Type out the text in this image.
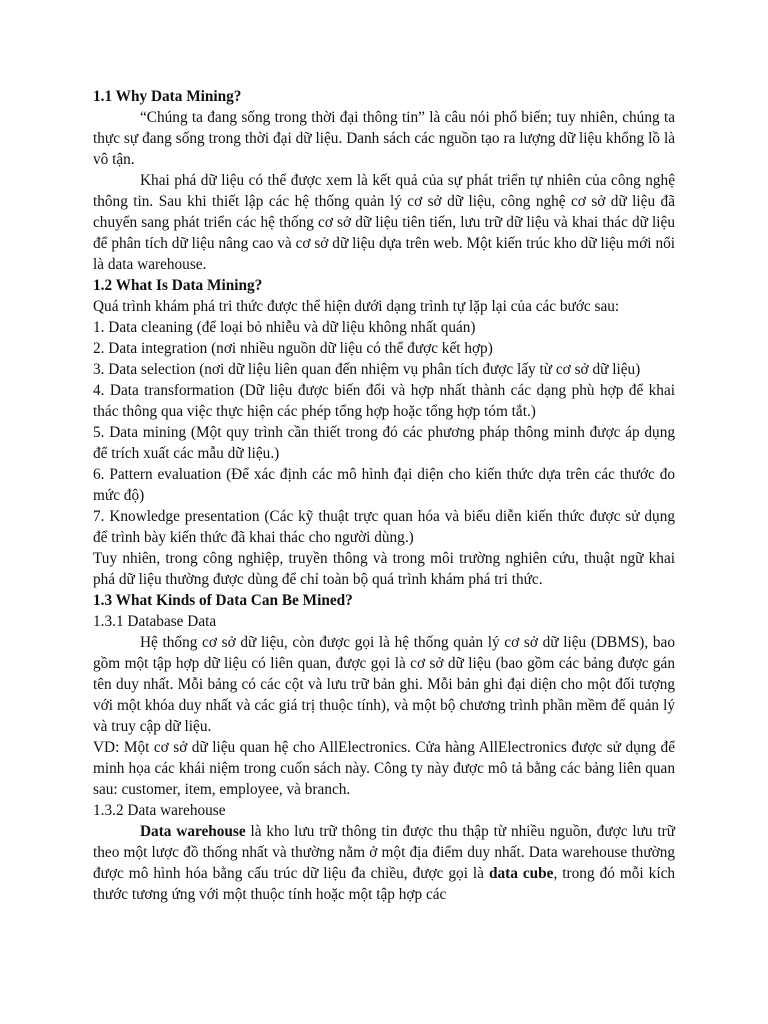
1.1 Why Data Mining?

“Chúng ta đang sống trong thời đại thông tin” là câu nói phổ biến; tuy nhiên, chúng ta thực sự đang sống trong thời đại dữ liệu. Danh sách các nguồn tạo ra lượng dữ liệu khổng lồ là vô tận.

Khai phá dữ liệu có thể được xem là kết quả của sự phát triển tự nhiên của công nghệ thông tin. Sau khi thiết lập các hệ thống quản lý cơ sở dữ liệu, công nghệ cơ sở dữ liệu đã chuyển sang phát triển các hệ thống cơ sở dữ liệu tiên tiến, lưu trữ dữ liệu và khai thác dữ liệu để phân tích dữ liệu nâng cao và cơ sở dữ liệu dựa trên web. Một kiến trúc kho dữ liệu mới nổi là data warehouse.

1.2 What Is Data Mining?

Quá trình khám phá tri thức được thể hiện dưới dạng trình tự lặp lại của các bước sau:

1. Data cleaning (để loại bỏ nhiễu và dữ liệu không nhất quán)
2. Data integration (nơi nhiều nguồn dữ liệu có thể được kết hợp)
3. Data selection (nơi dữ liệu liên quan đến nhiệm vụ phân tích được lấy từ cơ sở dữ liệu)
4. Data transformation (Dữ liệu được biến đổi và hợp nhất thành các dạng phù hợp để khai thác thông qua việc thực hiện các phép tổng hợp hoặc tổng hợp tóm tắt.)
5. Data mining (Một quy trình cần thiết trong đó các phương pháp thông minh được áp dụng để trích xuất các mẫu dữ liệu.)
6. Pattern evaluation (Để xác định các mô hình đại diện cho kiến thức dựa trên các thước đo mức độ)
7. Knowledge presentation (Các kỹ thuật trực quan hóa và biểu diễn kiến thức được sử dụng để trình bày kiến thức đã khai thác cho người dùng.)

Tuy nhiên, trong công nghiệp, truyền thông và trong môi trường nghiên cứu, thuật ngữ khai phá dữ liệu thường được dùng để chỉ toàn bộ quá trình khám phá tri thức.

1.3 What Kinds of Data Can Be Mined?
1.3.1 Database Data

Hệ thống cơ sở dữ liệu, còn được gọi là hệ thống quản lý cơ sở dữ liệu (DBMS), bao gồm một tập hợp dữ liệu có liên quan, được gọi là cơ sở dữ liệu (bao gồm các bảng được gán tên duy nhất. Mỗi bảng có các cột và lưu trữ bản ghi. Mỗi bản ghi đại diện cho một đối tượng với một khóa duy nhất và các giá trị thuộc tính), và một bộ chương trình phần mềm để quản lý và truy cập dữ liệu.

VD: Một cơ sở dữ liệu quan hệ cho AllElectronics. Cửa hàng AllElectronics được sử dụng để minh họa các khái niệm trong cuốn sách này. Công ty này được mô tả bằng các bảng liên quan sau: customer, item, employee, và branch.

1.3.2 Data warehouse

Data warehouse là kho lưu trữ thông tin được thu thập từ nhiều nguồn, được lưu trữ theo một lược đồ thống nhất và thường nằm ở một địa điểm duy nhất. Data warehouse thường được mô hình hóa bằng cấu trúc dữ liệu đa chiều, được gọi là data cube, trong đó mỗi kích thước tương ứng với một thuộc tính hoặc một tập hợp các
